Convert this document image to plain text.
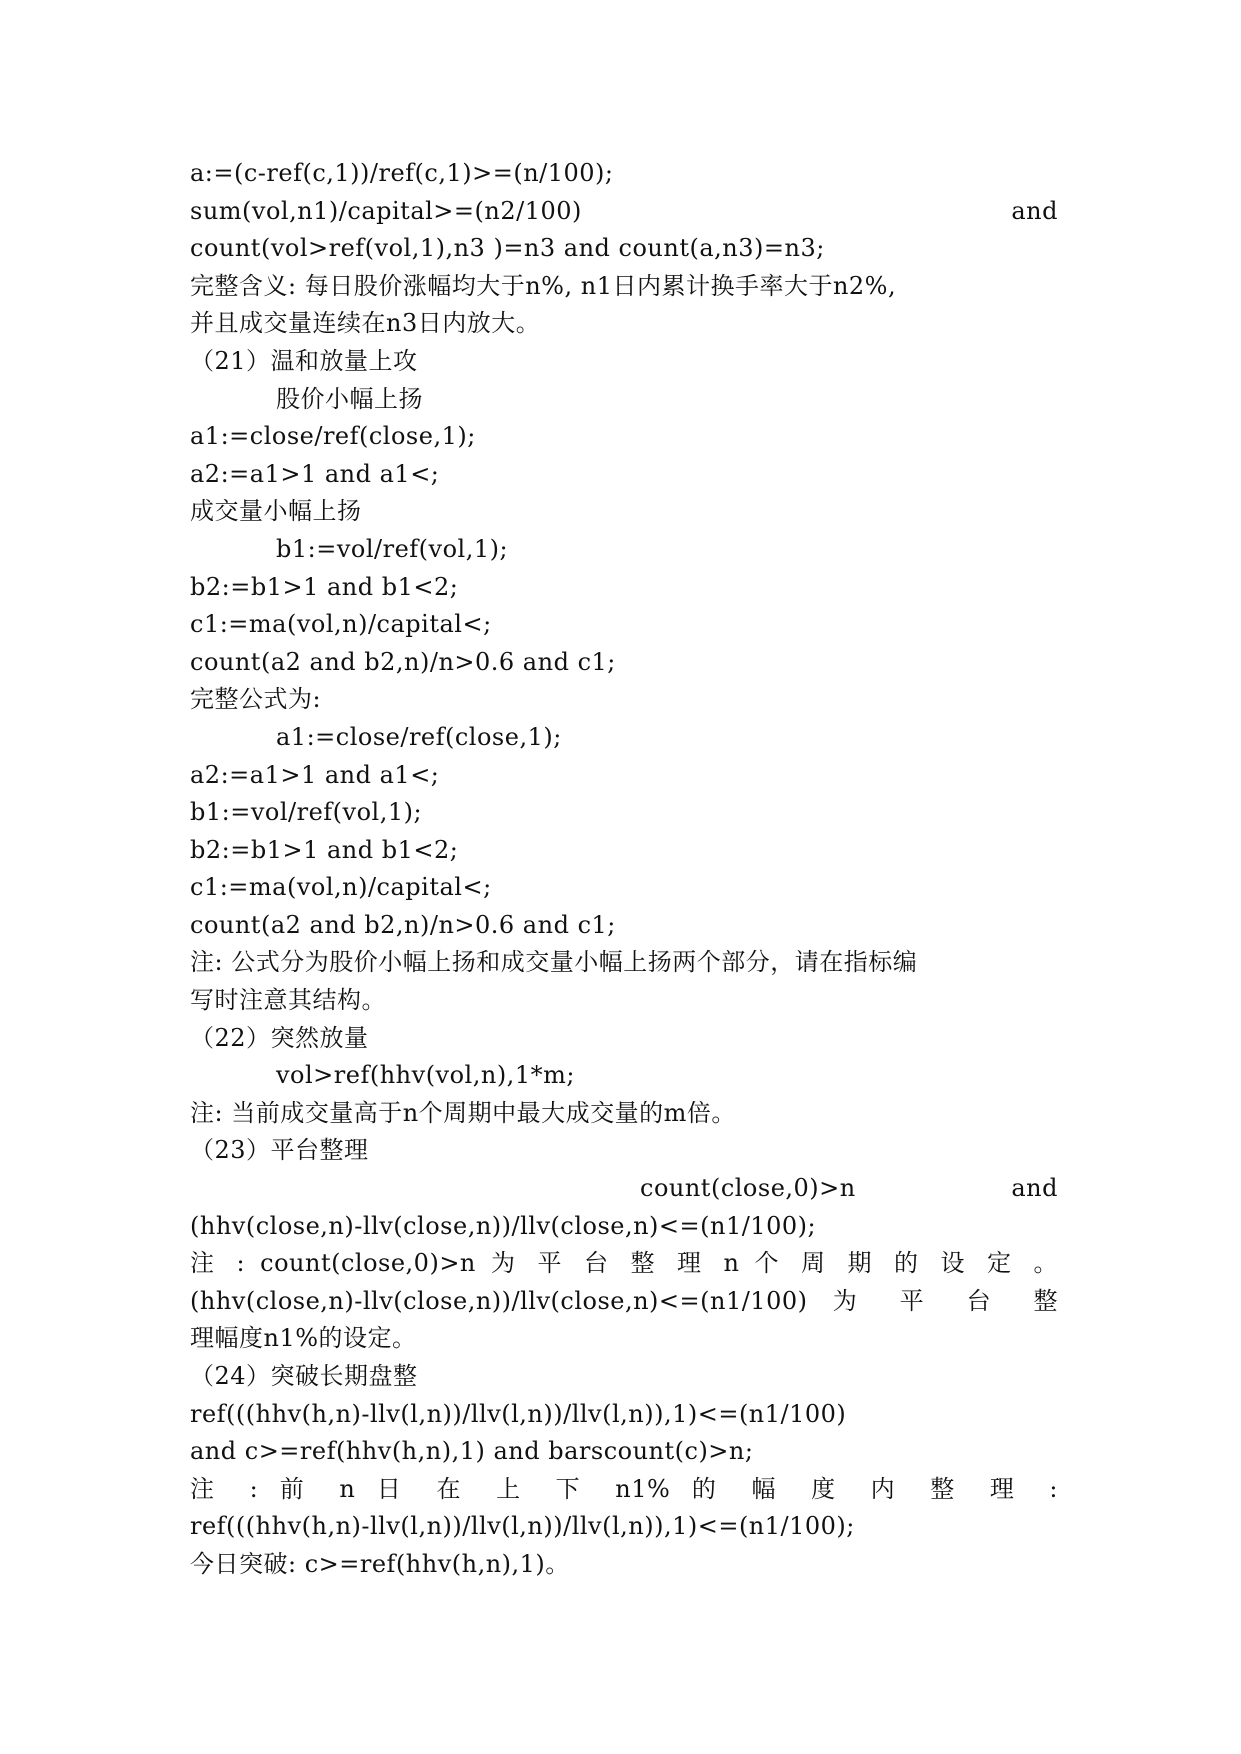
a:=(c-ref(c,1))/ref(c,1)>=(n/100);
sum(vol,n1)/capital>=(n2/100)	and
count(vol>ref(vol,1),n3 )=n3 and count(a,n3)=n3;
完整含义: 每日股价涨幅均大于n%, n1日内累计换手率大于n2%,
并且成交量连续在n3日内放大。
（21）温和放量上攻
股价小幅上扬
a1:=close/ref(close,1);
a2:=a1>1 and a1<;
成交量小幅上扬
b1:=vol/ref(vol,1);
b2:=b1>1 and b1<2;
c1:=ma(vol,n)/capital<;
count(a2 and b2,n)/n>0.6 and c1;
完整公式为:
a1:=close/ref(close,1);
a2:=a1>1 and a1<;
b1:=vol/ref(vol,1);
b2:=b1>1 and b1<2;
c1:=ma(vol,n)/capital<;
count(a2 and b2,n)/n>0.6 and c1;
注: 公式分为股价小幅上扬和成交量小幅上扬两个部分，请在指标编
写时注意其结构。
（22）突然放量
vol>ref(hhv(vol,n),1*m;
注: 当前成交量高于n个周期中最大成交量的m倍。
（23）平台整理
count(close,0)>n	and
(hhv(close,n)-llv(close,n))/llv(close,n)<=(n1/100);
注 : count(close,0)>n 为 平 台 整 理 n 个 周 期 的 设 定 。
(hhv(close,n)-llv(close,n))/llv(close,n)<=(n1/100) 为 平 台 整
理幅度n1%的设定。
（24）突破长期盘整
ref(((hhv(h,n)-llv(l,n))/llv(l,n))/llv(l,n)),1)<=(n1/100)
and c>=ref(hhv(h,n),1) and barscount(c)>n;
注 : 前 n 日 在 上 下 n1% 的 幅 度 内 整 理 :
ref(((hhv(h,n)-llv(l,n))/llv(l,n))/llv(l,n)),1)<=(n1/100);
今日突破: c>=ref(hhv(h,n),1)。
